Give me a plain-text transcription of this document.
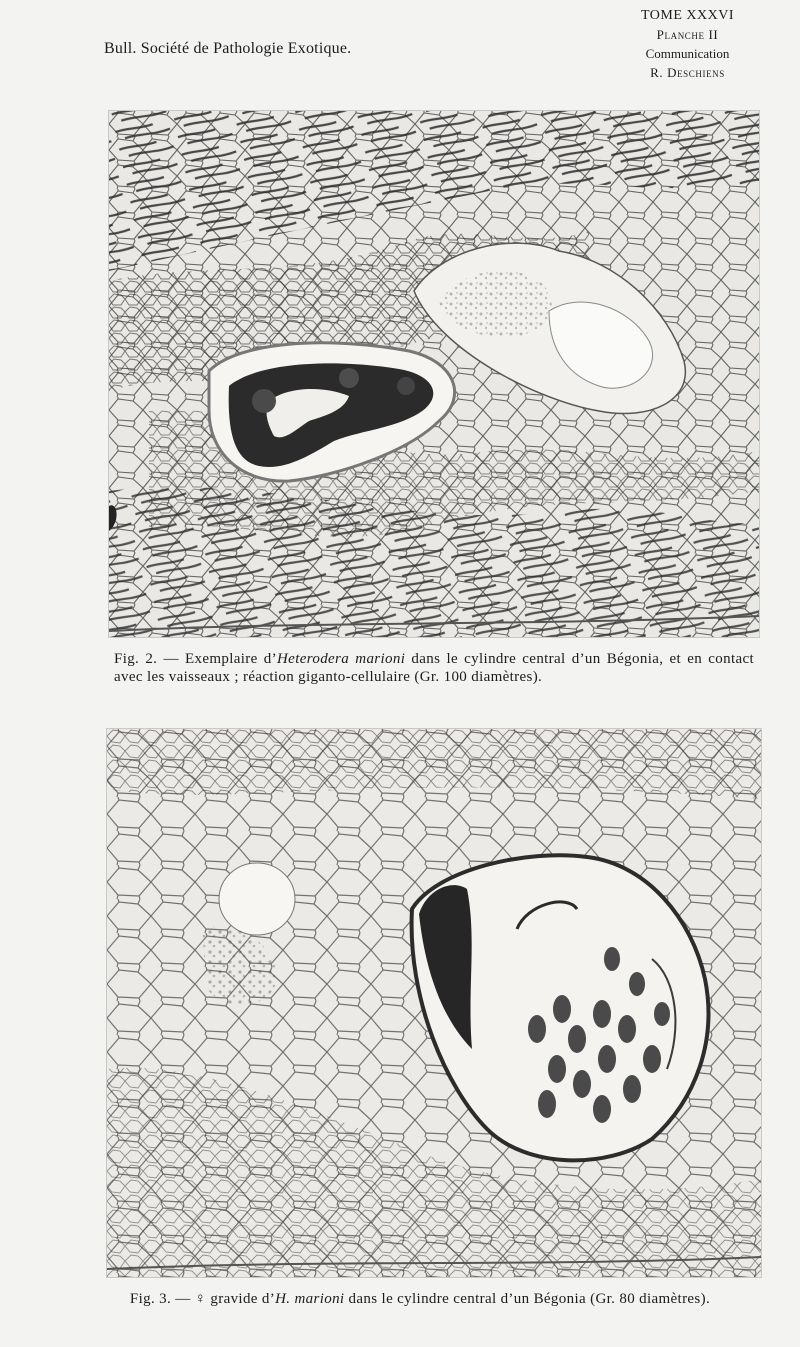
Bull. Société de Pathologie Exotique.
TOME XXXVI
Planche II
Communication
R. Deschiens
Fig. 2. — Exemplaire d’Heterodera marioni dans le cylindre central d’un Bégonia, et en contact avec les vaisseaux ; réaction giganto-cellulaire (Gr. 100 diamètres).
Fig. 3. — ♀ gravide d’H. marioni dans le cylindre central d’un Bégonia (Gr. 80 diamètres).
